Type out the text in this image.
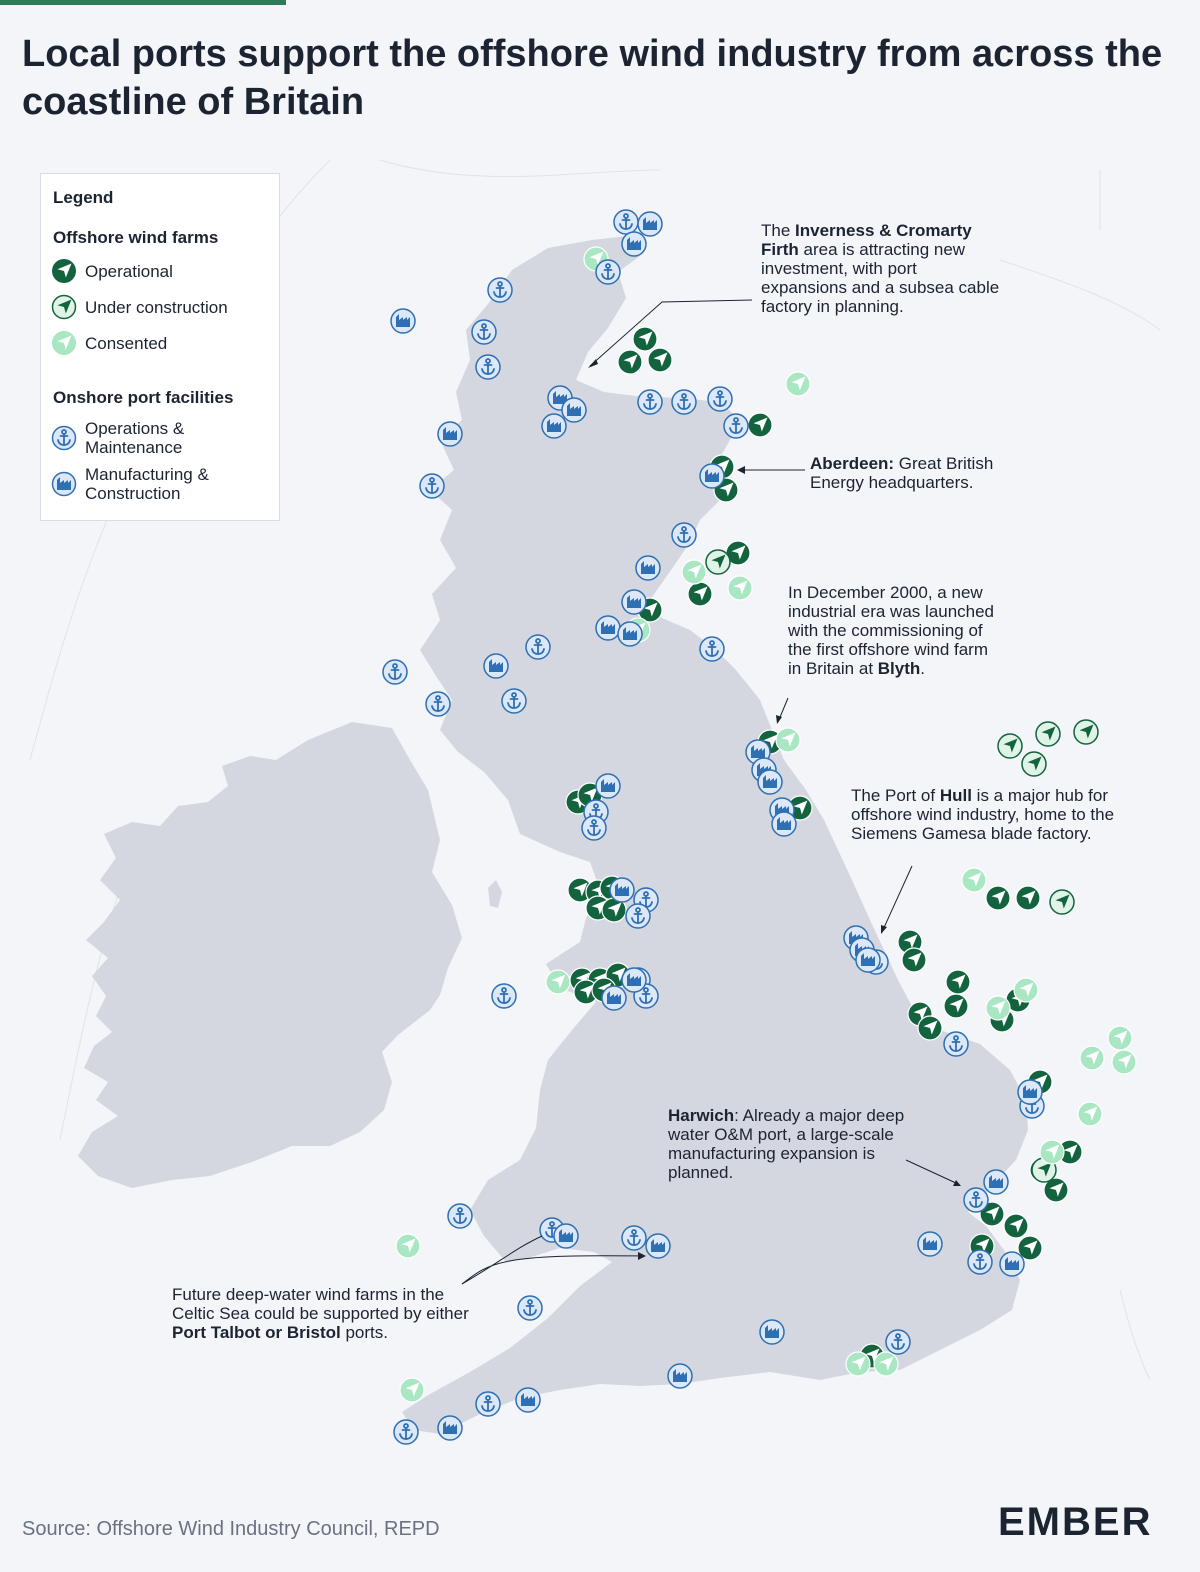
Local ports support the offshore wind industry from across the coastline of Britain
Legend
Offshore wind farms
Operational
Under construction
Consented
Onshore port facilities
Operations & Maintenance
Manufacturing & Construction
The Inverness & Cromarty Firth area is attracting new investment, with port expansions and a subsea cable factory in planning.
Aberdeen: Great British Energy headquarters.
In December 2000, a new industrial era was launched with the commissioning of the first offshore wind farm in Britain at Blyth.
The Port of Hull is a major hub for offshore wind industry, home to the Siemens Gamesa blade factory.
Harwich: Already a major deep water O&M port, a large-scale manufacturing expansion is planned.
Future deep-water wind farms in the Celtic Sea could be supported by either Port Talbot or Bristol ports.
Source: Offshore Wind Industry Council, REPD	EMBER
